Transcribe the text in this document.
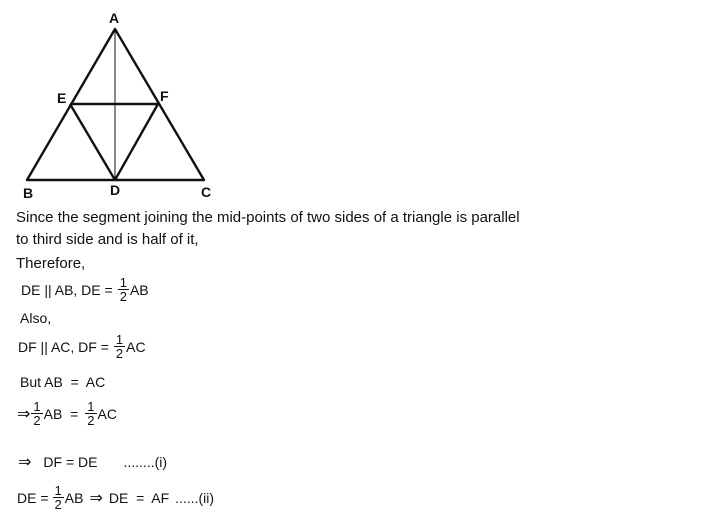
A
E	F
B	D	C
Since the segment joining the mid-points of two sides of a triangle is parallel
to third side and is half of it,
Therefore,
DE || AB, DE = $\frac{1}{2}$ AB
Also,
DF || AC, DF = $\frac{1}{2}$ AC
But AB  =  AC
⇒ $\frac{1}{2}$ AB  = $\frac{1}{2}$ AC
⇒ DF = DE ........(i)
DE = $\frac{1}{2}$ AB ⇒ DE  =  AF ......(ii)
